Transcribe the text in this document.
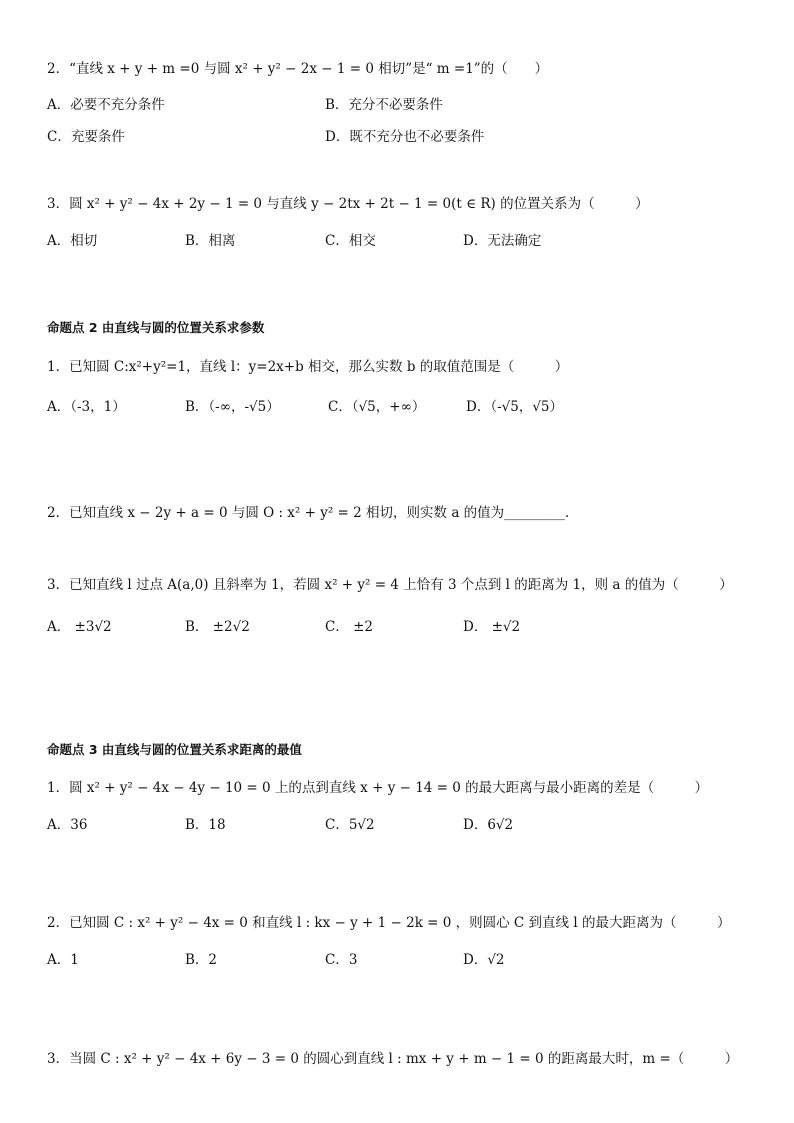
2．“直线 x + y + m =0 与圆 x² + y² − 2x − 1 = 0 相切”是“ m =1”的（　　）
A．必要不充分条件	B．充分不必要条件
C．充要条件	D．既不充分也不必要条件
3．圆 x² + y² − 4x + 2y − 1 = 0 与直线 y − 2tx + 2t − 1 = 0(t ∈ R) 的位置关系为（　　　）
A．相切	B．相离	C．相交	D．无法确定
命题点 2 由直线与圆的位置关系求参数
1．已知圆 C:x²+y²=1，直线 l：y=2x+b 相交，那么实数 b 的取值范围是（　　　）
A．（-3，1）	B．（-∞，-√5）	C．（√5，+∞）	D．（-√5，√5）
2．已知直线 x − 2y + a = 0 与圆 O : x² + y² = 2 相切，则实数 a 的值为_________.
3．已知直线 l 过点 A(a,0) 且斜率为 1，若圆 x² + y² = 4 上恰有 3 个点到 l 的距离为 1，则 a 的值为（　　　）
A． ±3√2	B． ±2√2	C． ±2	D． ±√2
命题点 3 由直线与圆的位置关系求距离的最值
1．圆 x² + y² − 4x − 4y − 10 = 0 上的点到直线 x + y − 14 = 0 的最大距离与最小距离的差是（　　　）
A．36	B．18	C．5√2	D．6√2
2．已知圆 C : x² + y² − 4x = 0 和直线 l : kx − y + 1 − 2k = 0 ，则圆心 C 到直线 l 的最大距离为（　　　）
A．1	B．2	C．3	D．√2
3．当圆 C : x² + y² − 4x + 6y − 3 = 0 的圆心到直线 l : mx + y + m − 1 = 0 的距离最大时，m =（　　　）
